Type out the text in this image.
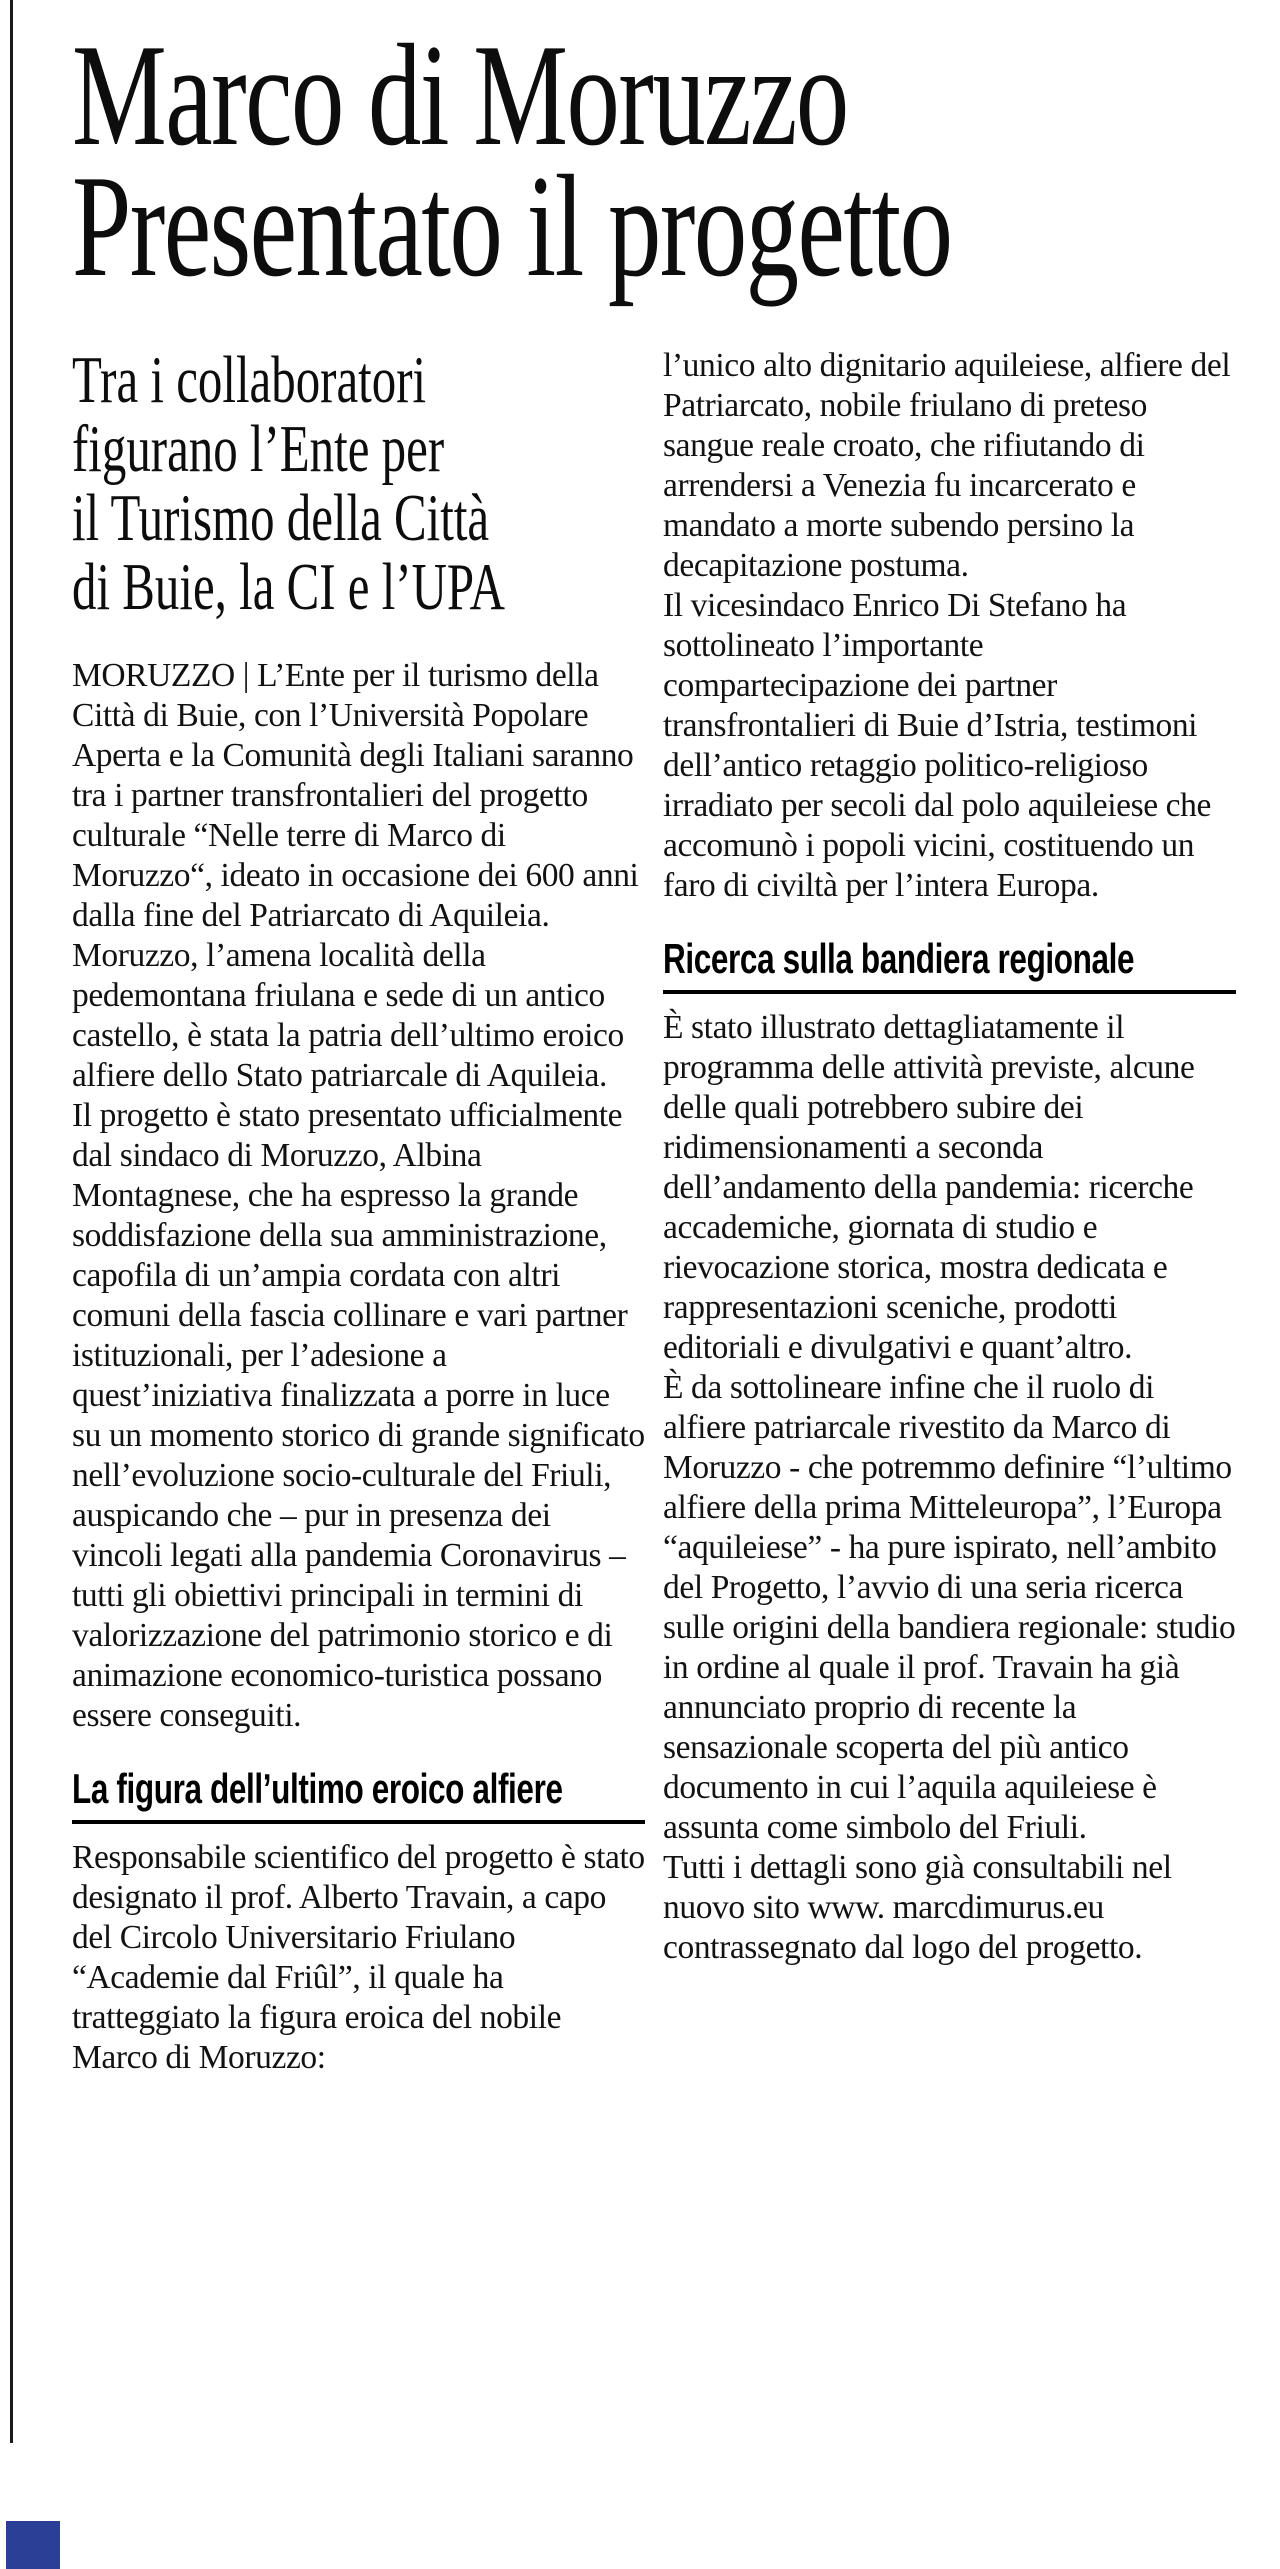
Marco di Moruzzo
Presentato il progetto
Tra i collaboratori
figurano l’Ente per
il Turismo della Città
di Buie, la CI e l’UPA

MORUZZO | L’Ente per il turismo della Città di Buie, con l’Università Popolare Aperta e la Comunità degli Italiani saranno tra i partner transfrontalieri del progetto culturale “Nelle terre di Marco di Moruzzo“, ideato in occasione dei 600 anni dalla fine del Patriarcato di Aquileia. Moruzzo, l’amena località della pedemontana friulana e sede di un antico castello, è stata la patria dell’ultimo eroico alfiere dello Stato patriarcale di Aquileia.

Il progetto è stato presentato ufficialmente dal sindaco di Moruzzo, Albina Montagnese, che ha espresso la grande soddisfazione della sua amministrazione, capofila di un’ampia cordata con altri comuni della fascia collinare e vari partner istituzionali, per l’adesione a quest’iniziativa finalizzata a porre in luce su un momento storico di grande significato nell’evoluzione socio-culturale del Friuli, auspicando che – pur in presenza dei vincoli legati alla pandemia Coronavirus – tutti gli obiettivi principali in termini di valorizzazione del patrimonio storico e di animazione economico-turistica possano essere conseguiti.

La figura dell’ultimo eroico alfiere

Responsabile scientifico del progetto è stato designato il prof. Alberto Travain, a capo del Circolo Universitario Friulano “Academie dal Friûl”, il quale ha tratteggiato la figura eroica del nobile Marco di Moruzzo:

l’unico alto dignitario aquileiese, alfiere del Patriarcato, nobile friulano di preteso sangue reale croato, che rifiutando di arrendersi a Venezia fu incarcerato e mandato a morte subendo persino la decapitazione postuma.

Il vicesindaco Enrico Di Stefano ha sottolineato l’importante compartecipazione dei partner transfrontalieri di Buie d’Istria, testimoni dell’antico retaggio politico-religioso irradiato per secoli dal polo aquileiese che accomunò i popoli vicini, costituendo un faro di civiltà per l’intera Europa.

Ricerca sulla bandiera regionale

È stato illustrato dettagliatamente il programma delle attività previste, alcune delle quali potrebbero subire dei ridimensionamenti a seconda dell’andamento della pandemia: ricerche accademiche, giornata di studio e rievocazione storica, mostra dedicata e rappresentazioni sceniche, prodotti editoriali e divulgativi e quant’altro.

È da sottolineare infine che il ruolo di alfiere patriarcale rivestito da Marco di Moruzzo - che potremmo definire “l’ultimo alfiere della prima Mitteleuropa”, l’Europa “aquileiese” - ha pure ispirato, nell’ambito del Progetto, l’avvio di una seria ricerca sulle origini della bandiera regionale: studio in ordine al quale il prof. Travain ha già annunciato proprio di recente la sensazionale scoperta del più antico documento in cui l’aquila aquileiese è assunta come simbolo del Friuli.

Tutti i dettagli sono già consultabili nel nuovo sito www. marcdimurus.eu contrassegnato dal logo del progetto.
